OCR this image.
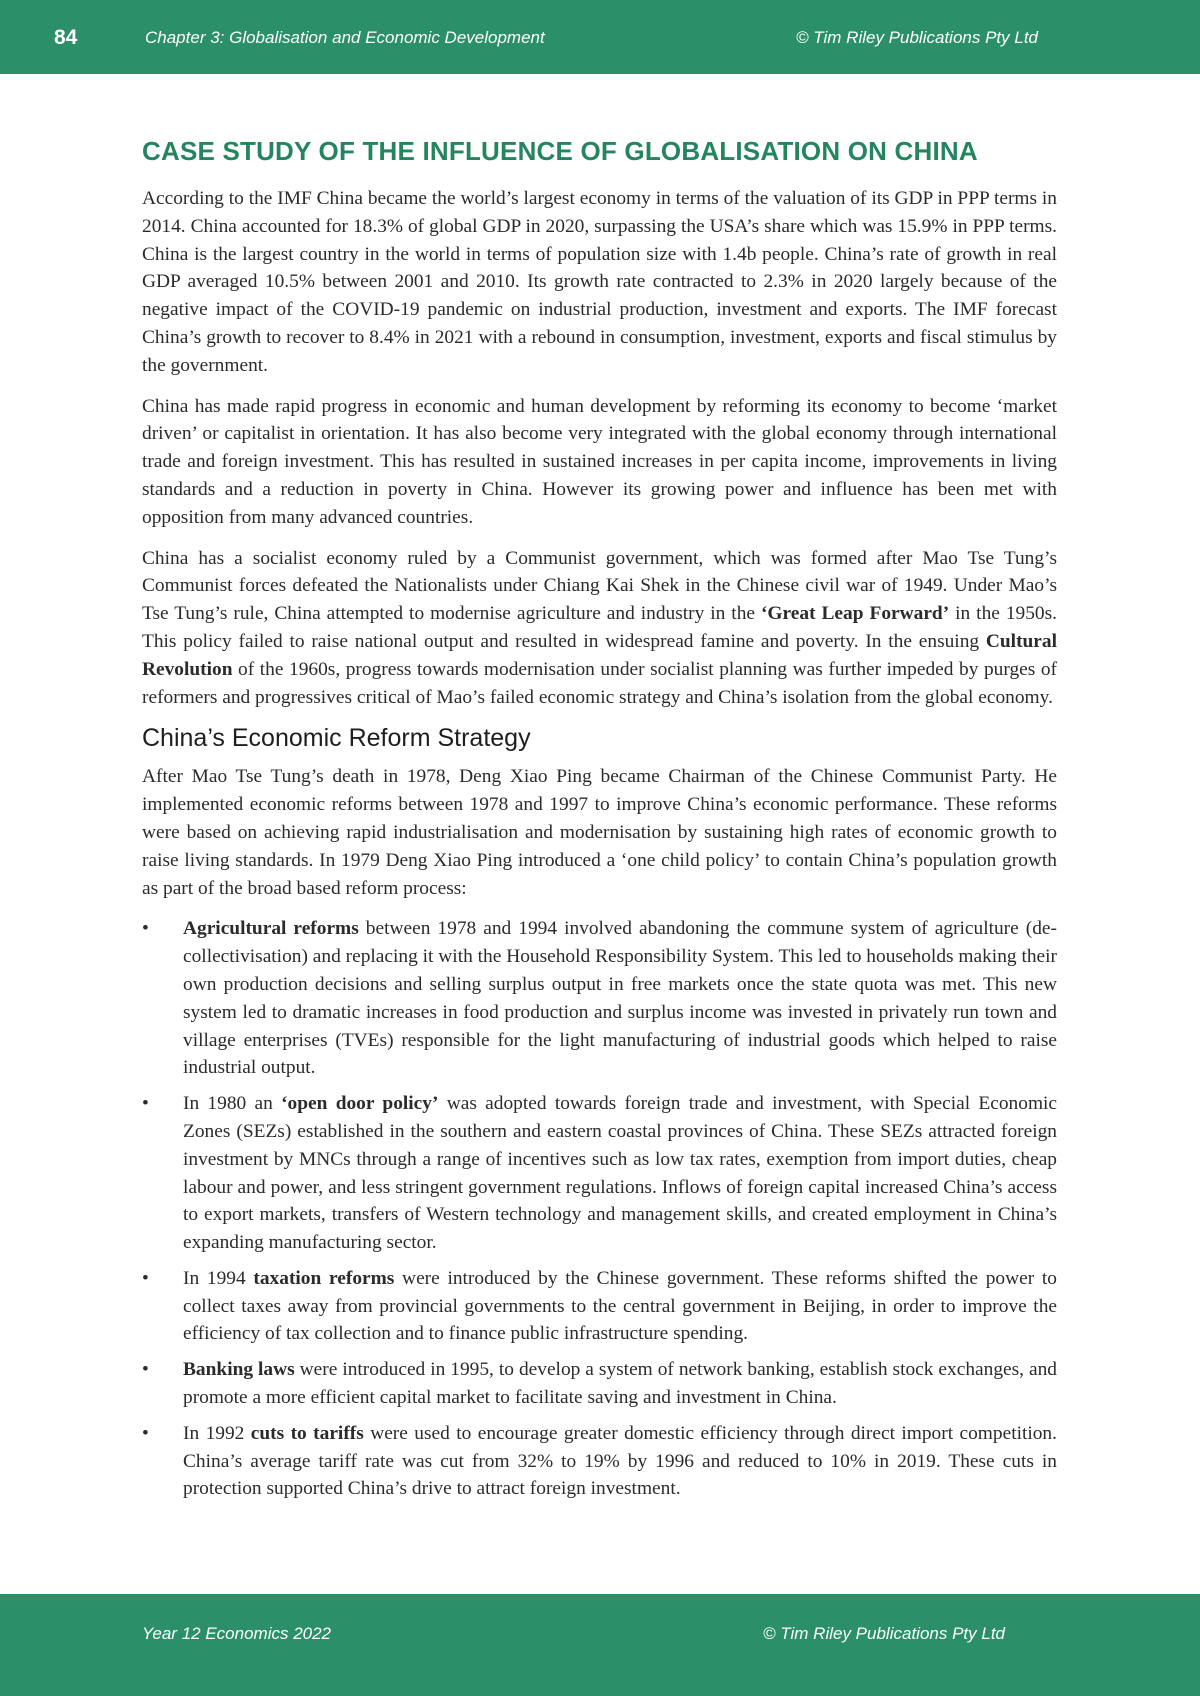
84	Chapter 3: Globalisation and Economic Development	© Tim Riley Publications Pty Ltd
CASE STUDY OF THE INFLUENCE OF GLOBALISATION ON CHINA

According to the IMF China became the world’s largest economy in terms of the valuation of its GDP in PPP terms in 2014. China accounted for 18.3% of global GDP in 2020, surpassing the USA’s share which was 15.9% in PPP terms. China is the largest country in the world in terms of population size with 1.4b people. China’s rate of growth in real GDP averaged 10.5% between 2001 and 2010. Its growth rate contracted to 2.3% in 2020 largely because of the negative impact of the COVID-19 pandemic on industrial production, investment and exports. The IMF forecast China’s growth to recover to 8.4% in 2021 with a rebound in consumption, investment, exports and fiscal stimulus by the government.

China has made rapid progress in economic and human development by reforming its economy to become ‘market driven’ or capitalist in orientation. It has also become very integrated with the global economy through international trade and foreign investment. This has resulted in sustained increases in per capita income, improvements in living standards and a reduction in poverty in China. However its growing power and influence has been met with opposition from many advanced countries.

China has a socialist economy ruled by a Communist government, which was formed after Mao Tse Tung’s Communist forces defeated the Nationalists under Chiang Kai Shek in the Chinese civil war of 1949. Under Mao’s Tse Tung’s rule, China attempted to modernise agriculture and industry in the ‘Great Leap Forward’ in the 1950s. This policy failed to raise national output and resulted in widespread famine and poverty. In the ensuing Cultural Revolution of the 1960s, progress towards modernisation under socialist planning was further impeded by purges of reformers and progressives critical of Mao’s failed economic strategy and China’s isolation from the global economy.

China’s Economic Reform Strategy

After Mao Tse Tung’s death in 1978, Deng Xiao Ping became Chairman of the Chinese Communist Party. He implemented economic reforms between 1978 and 1997 to improve China’s economic performance. These reforms were based on achieving rapid industrialisation and modernisation by sustaining high rates of economic growth to raise living standards. In 1979 Deng Xiao Ping introduced a ‘one child policy’ to contain China’s population growth as part of the broad based reform process:

• Agricultural reforms between 1978 and 1994 involved abandoning the commune system of agriculture (de-collectivisation) and replacing it with the Household Responsibility System. This led to households making their own production decisions and selling surplus output in free markets once the state quota was met. This new system led to dramatic increases in food production and surplus income was invested in privately run town and village enterprises (TVEs) responsible for the light manufacturing of industrial goods which helped to raise industrial output.
• In 1980 an ‘open door policy’ was adopted towards foreign trade and investment, with Special Economic Zones (SEZs) established in the southern and eastern coastal provinces of China. These SEZs attracted foreign investment by MNCs through a range of incentives such as low tax rates, exemption from import duties, cheap labour and power, and less stringent government regulations. Inflows of foreign capital increased China’s access to export markets, transfers of Western technology and management skills, and created employment in China’s expanding manufacturing sector.
• In 1994 taxation reforms were introduced by the Chinese government. These reforms shifted the power to collect taxes away from provincial governments to the central government in Beijing, in order to improve the efficiency of tax collection and to finance public infrastructure spending.
• Banking laws were introduced in 1995, to develop a system of network banking, establish stock exchanges, and promote a more efficient capital market to facilitate saving and investment in China.
• In 1992 cuts to tariffs were used to encourage greater domestic efficiency through direct import competition. China’s average tariff rate was cut from 32% to 19% by 1996 and reduced to 10% in 2019. These cuts in protection supported China’s drive to attract foreign investment.
Year 12 Economics 2022	© Tim Riley Publications Pty Ltd
